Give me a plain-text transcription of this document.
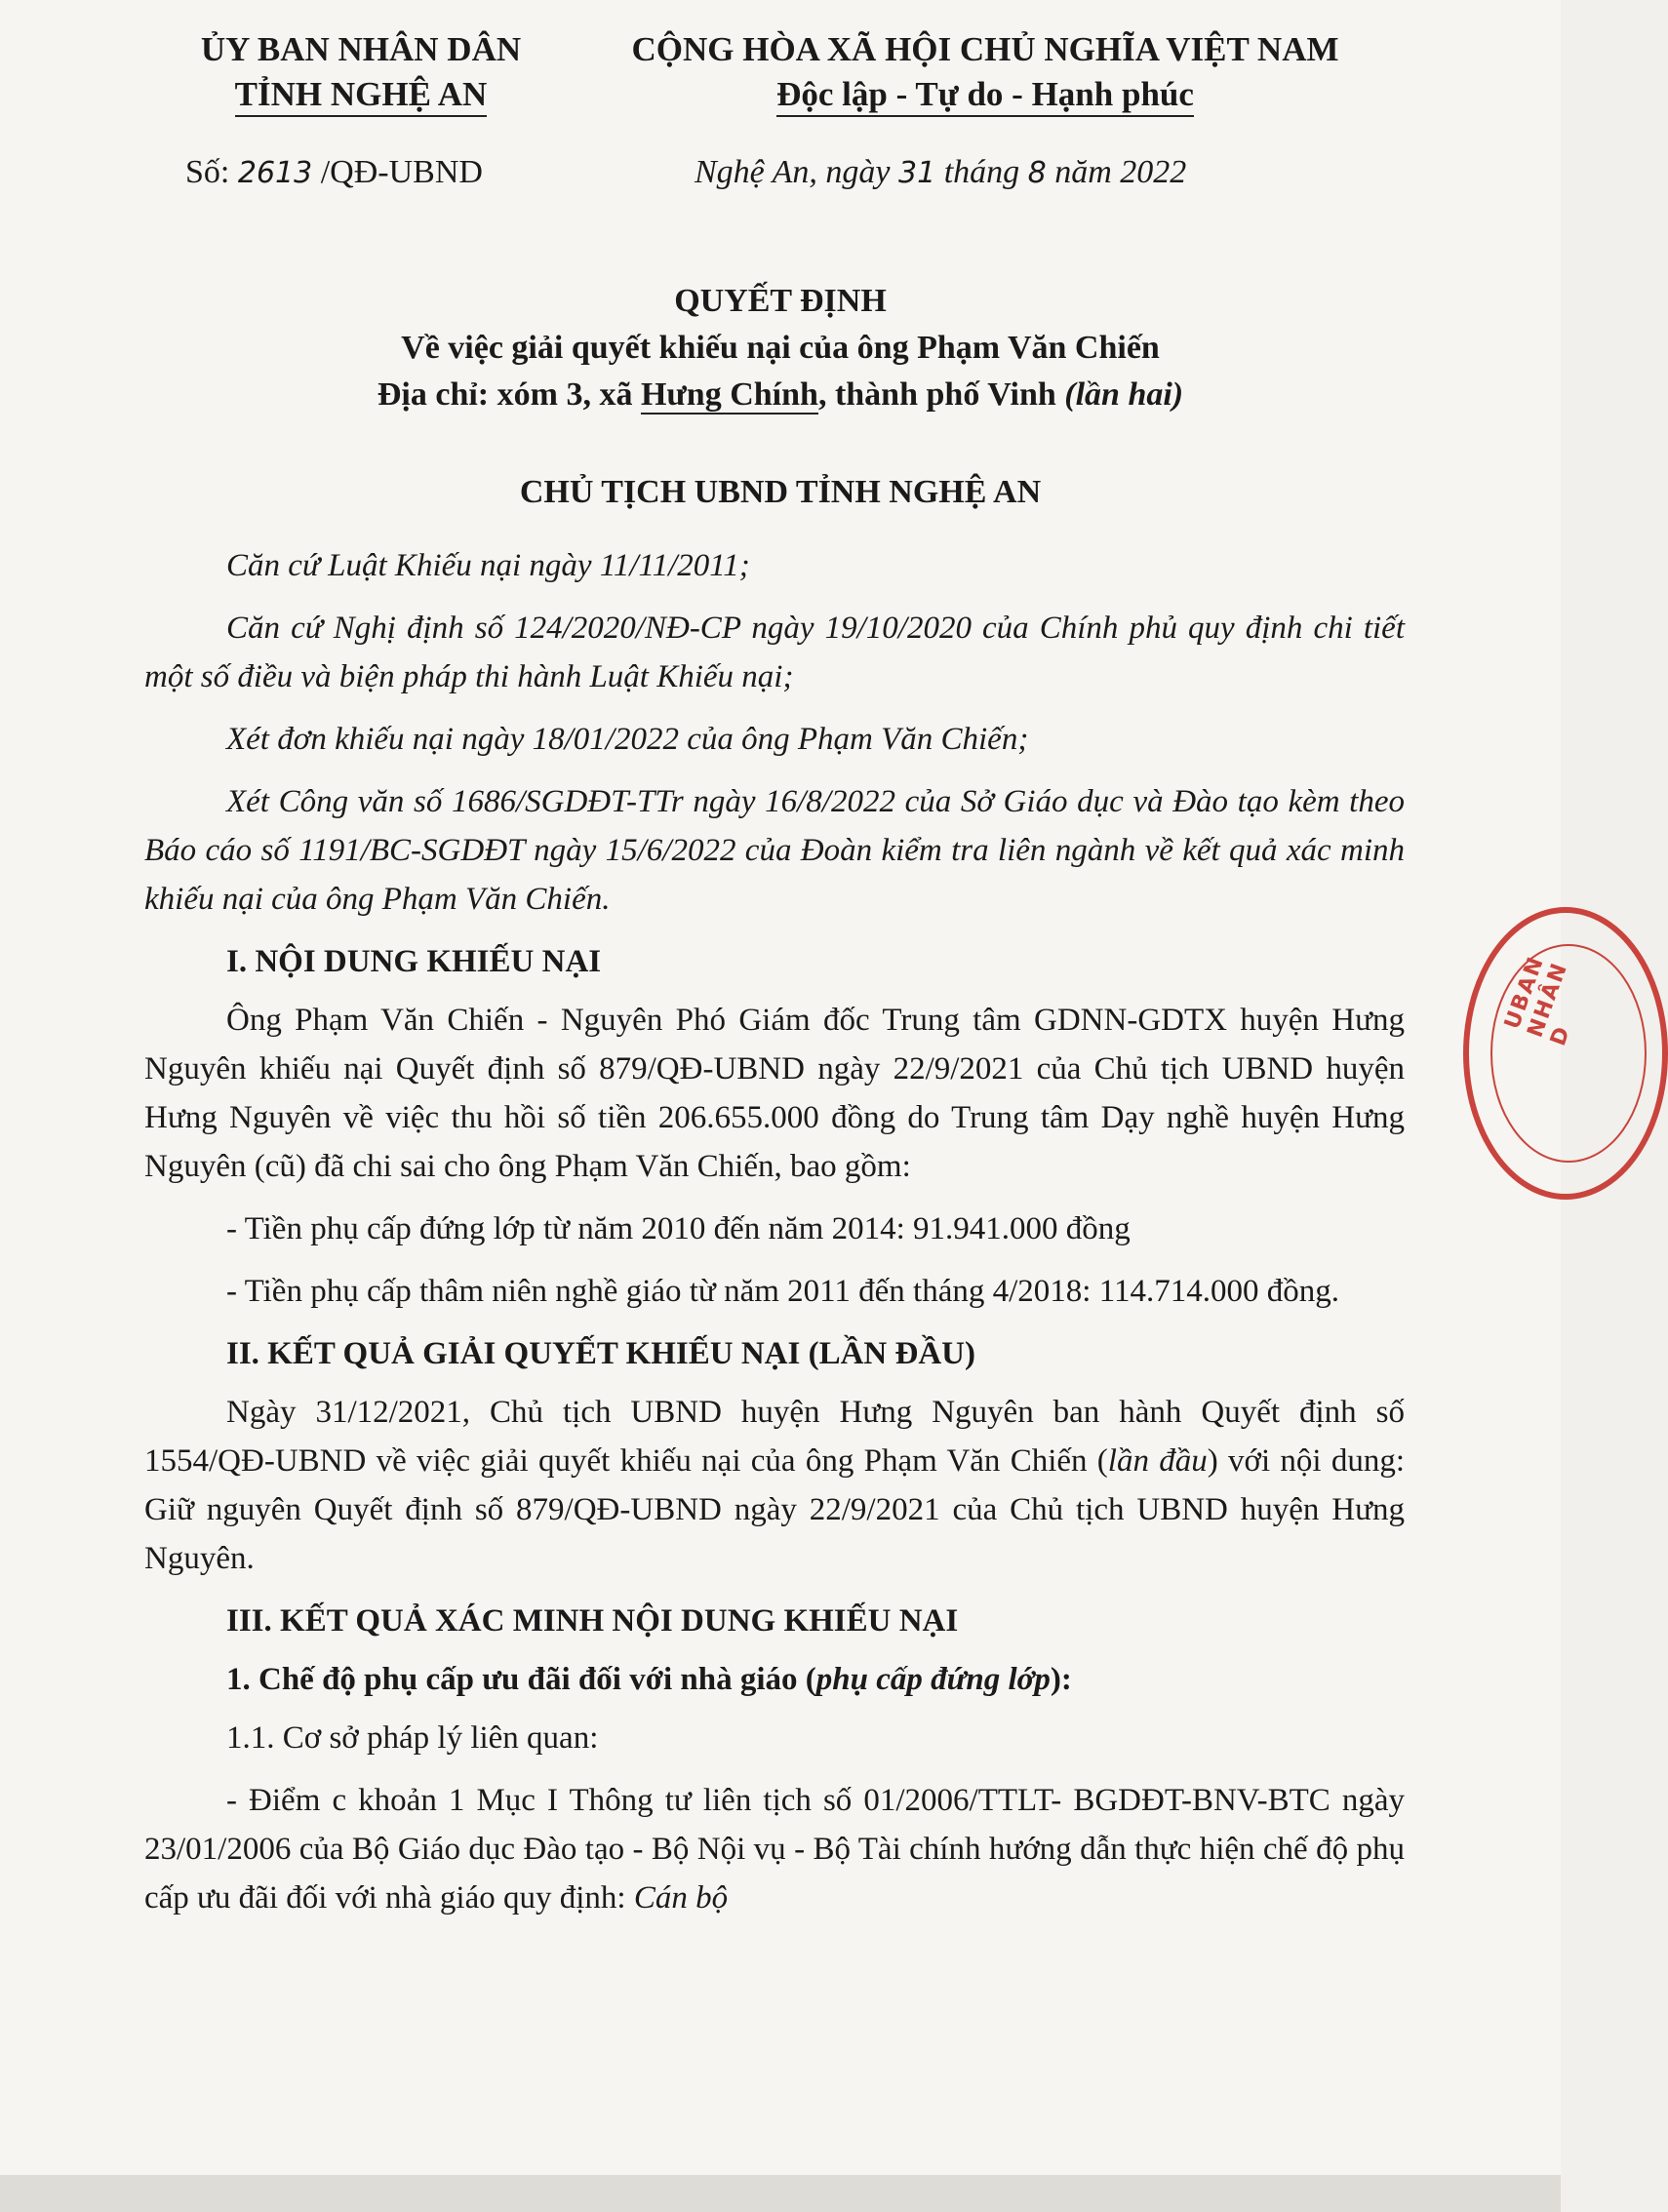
ỦY BAN NHÂN DÂN
TỈNH NGHỆ AN
CỘNG HÒA XÃ HỘI CHỦ NGHĨA VIỆT NAM
Độc lập - Tự do - Hạnh phúc
Số: 2613 /QĐ-UBND	Nghệ An, ngày 31 tháng 8 năm 2022
QUYẾT ĐỊNH
Về việc giải quyết khiếu nại của ông Phạm Văn Chiến
Địa chỉ: xóm 3, xã Hưng Chính, thành phố Vinh (lần hai)
CHỦ TỊCH UBND TỈNH NGHỆ AN

Căn cứ Luật Khiếu nại ngày 11/11/2011;

Căn cứ Nghị định số 124/2020/NĐ-CP ngày 19/10/2020 của Chính phủ quy định chi tiết một số điều và biện pháp thi hành Luật Khiếu nại;

Xét đơn khiếu nại ngày 18/01/2022 của ông Phạm Văn Chiến;

Xét Công văn số 1686/SGDĐT-TTr ngày 16/8/2022 của Sở Giáo dục và Đào tạo kèm theo Báo cáo số 1191/BC-SGDĐT ngày 15/6/2022 của Đoàn kiểm tra liên ngành về kết quả xác minh khiếu nại của ông Phạm Văn Chiến.

I. NỘI DUNG KHIẾU NẠI

Ông Phạm Văn Chiến - Nguyên Phó Giám đốc Trung tâm GDNN-GDTX huyện Hưng Nguyên khiếu nại Quyết định số 879/QĐ-UBND ngày 22/9/2021 của Chủ tịch UBND huyện Hưng Nguyên về việc thu hồi số tiền 206.655.000 đồng do Trung tâm Dạy nghề huyện Hưng Nguyên (cũ) đã chi sai cho ông Phạm Văn Chiến, bao gồm:

- Tiền phụ cấp đứng lớp từ năm 2010 đến năm 2014: 91.941.000 đồng

- Tiền phụ cấp thâm niên nghề giáo từ năm 2011 đến tháng 4/2018: 114.714.000 đồng.

II. KẾT QUẢ GIẢI QUYẾT KHIẾU NẠI (LẦN ĐẦU)

Ngày 31/12/2021, Chủ tịch UBND huyện Hưng Nguyên ban hành Quyết định số 1554/QĐ-UBND về việc giải quyết khiếu nại của ông Phạm Văn Chiến (lần đầu) với nội dung: Giữ nguyên Quyết định số 879/QĐ-UBND ngày 22/9/2021 của Chủ tịch UBND huyện Hưng Nguyên.

III. KẾT QUẢ XÁC MINH NỘI DUNG KHIẾU NẠI

1. Chế độ phụ cấp ưu đãi đối với nhà giáo (phụ cấp đứng lớp):

1.1. Cơ sở pháp lý liên quan:

- Điểm c khoản 1 Mục I Thông tư liên tịch số 01/2006/TTLT- BGDĐT-BNV-BTC ngày 23/01/2006 của Bộ Giáo dục Đào tạo - Bộ Nội vụ - Bộ Tài chính hướng dẫn thực hiện chế độ phụ cấp ưu đãi đối với nhà giáo quy định: Cán bộ

UBAN NHÂN D
